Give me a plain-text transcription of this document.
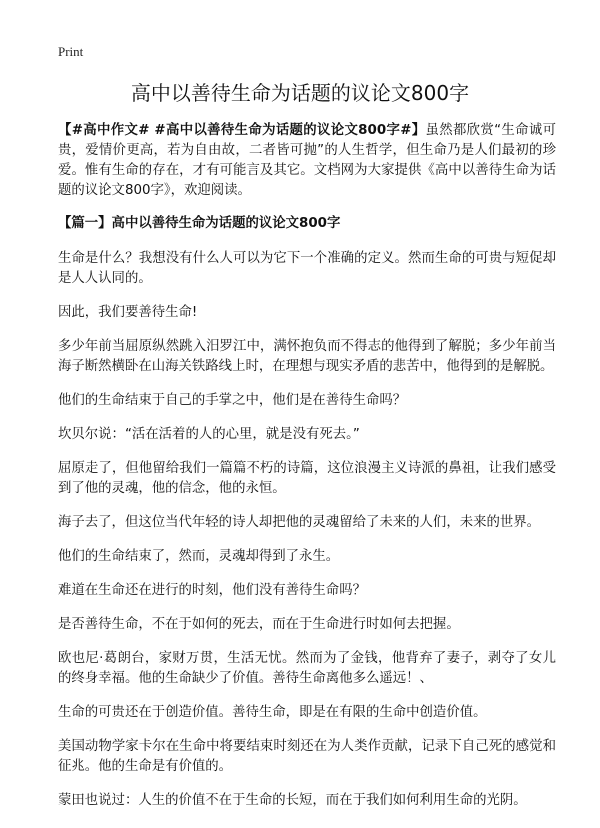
Print
高中以善待生命为话题的议论文800字

【#高中作文# #高中以善待生命为话题的议论文800字#】虽然都欣赏“生命诚可贵，爱情价更高，若为自由故，二者皆可抛”的人生哲学，但生命乃是人们最初的珍爱。惟有生命的存在，才有可能言及其它。文档网为大家提供《高中以善待生命为话题的议论文800字》，欢迎阅读。

【篇一】高中以善待生命为话题的议论文800字

生命是什么？我想没有什么人可以为它下一个准确的定义。然而生命的可贵与短促却是人人认同的。

因此，我们要善待生命!

多少年前当屈原纵然跳入汨罗江中，满怀抱负而不得志的他得到了解脱；多少年前当海子断然横卧在山海关铁路线上时，在理想与现实矛盾的悲苦中，他得到的是解脱。

他们的生命结束于自己的手掌之中，他们是在善待生命吗？

坎贝尔说：“活在活着的人的心里，就是没有死去。”

屈原走了，但他留给我们一篇篇不朽的诗篇，这位浪漫主义诗派的鼻祖，让我们感受到了他的灵魂，他的信念，他的永恒。

海子去了，但这位当代年轻的诗人却把他的灵魂留给了未来的人们，未来的世界。

他们的生命结束了，然而，灵魂却得到了永生。

难道在生命还在进行的时刻，他们没有善待生命吗？

是否善待生命，不在于如何的死去，而在于生命进行时如何去把握。

欧也尼·葛朗台，家财万贯，生活无忧。然而为了金钱，他背弃了妻子，剥夺了女儿的终身幸福。他的生命缺少了价值。善待生命离他多么遥远！、

生命的可贵还在于创造价值。善待生命，即是在有限的生命中创造价值。

美国动物学家卡尔在生命中将要结束时刻还在为人类作贡献，记录下自己死的感觉和征兆。他的生命是有价值的。

蒙田也说过：人生的价值不在于生命的长短，而在于我们如何利用生命的光阴。
